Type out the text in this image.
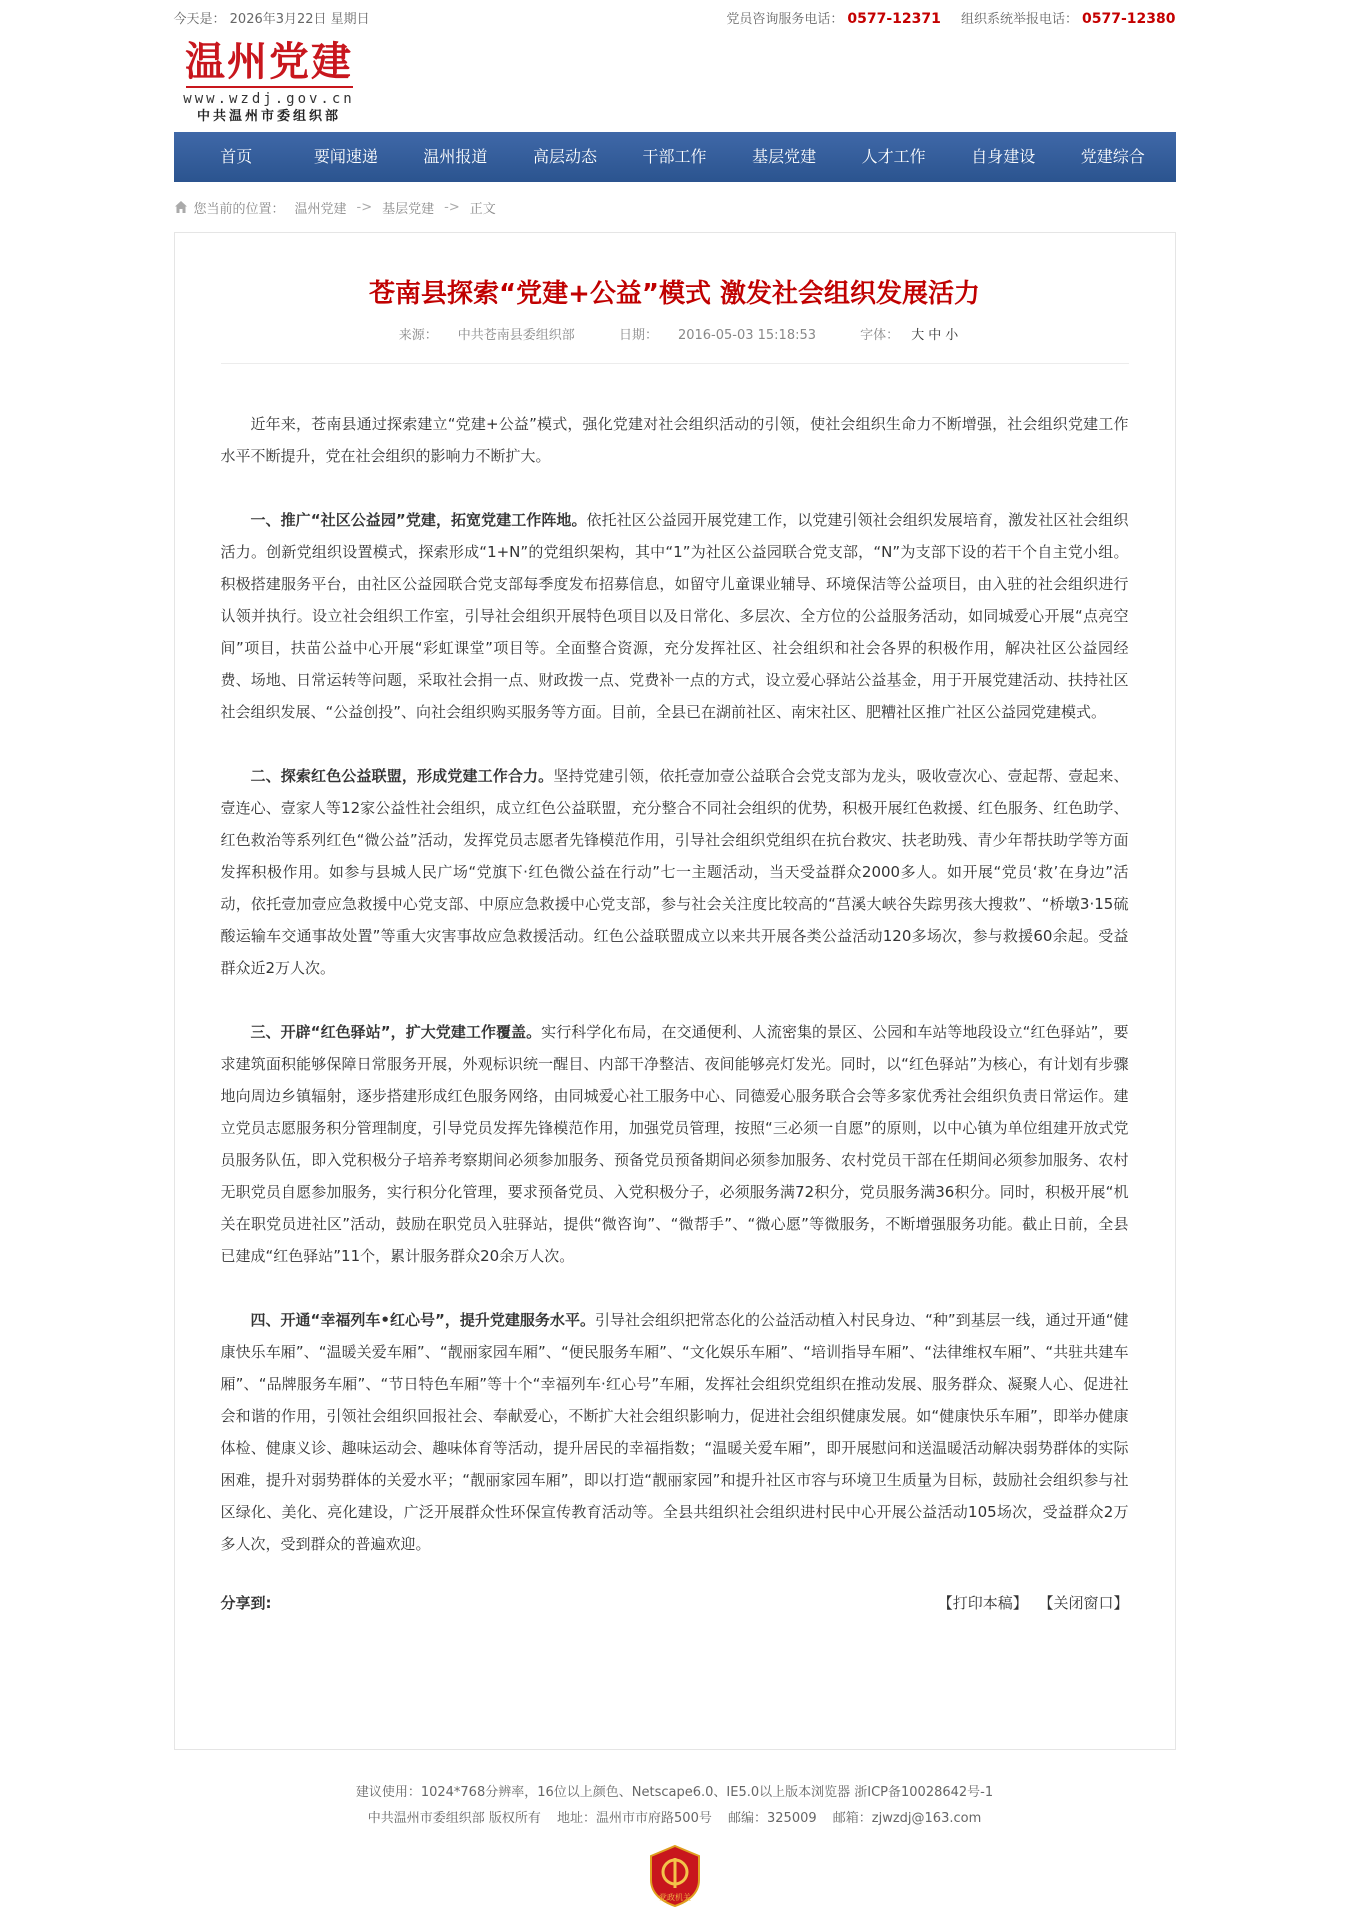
今天是： 2026年3月22日 星期日	党员咨询服务电话： 0577-12371 组织系统举报电话： 0577-12380
温州党建
www.wzdj.gov.cn
中共温州市委组织部
首页	要闻速递	温州报道	高层动态	干部工作	基层党建	人才工作	自身建设	党建综合
您当前的位置： 温州党建 -> 基层党建 -> 正文
苍南县探索“党建+公益”模式 激发社会组织发展活力
来源： 中共苍南县委组织部	日期： 2016-05-03 15:18:53	字体： 大 中 小

近年来，苍南县通过探索建立“党建+公益”模式，强化党建对社会组织活动的引领，使社会组织生命力不断增强，社会组织党建工作水平不断提升，党在社会组织的影响力不断扩大。

一、推广“社区公益园”党建，拓宽党建工作阵地。依托社区公益园开展党建工作，以党建引领社会组织发展培育，激发社区社会组织活力。创新党组织设置模式，探索形成“1+N”的党组织架构，其中“1”为社区公益园联合党支部，“N”为支部下设的若干个自主党小组。积极搭建服务平台，由社区公益园联合党支部每季度发布招募信息，如留守儿童课业辅导、环境保洁等公益项目，由入驻的社会组织进行认领并执行。设立社会组织工作室，引导社会组织开展特色项目以及日常化、多层次、全方位的公益服务活动，如同城爱心开展“点亮空间”项目，扶苗公益中心开展“彩虹课堂”项目等。全面整合资源，充分发挥社区、社会组织和社会各界的积极作用，解决社区公益园经费、场地、日常运转等问题，采取社会捐一点、财政拨一点、党费补一点的方式，设立爱心驿站公益基金，用于开展党建活动、扶持社区社会组织发展、“公益创投”、向社会组织购买服务等方面。目前，全县已在湖前社区、南宋社区、肥糟社区推广社区公益园党建模式。

二、探索红色公益联盟，形成党建工作合力。坚持党建引领，依托壹加壹公益联合会党支部为龙头，吸收壹次心、壹起帮、壹起来、壹连心、壹家人等12家公益性社会组织，成立红色公益联盟，充分整合不同社会组织的优势，积极开展红色救援、红色服务、红色助学、红色救治等系列红色“微公益”活动，发挥党员志愿者先锋模范作用，引导社会组织党组织在抗台救灾、扶老助残、青少年帮扶助学等方面发挥积极作用。如参与县城人民广场“党旗下·红色微公益在行动”七一主题活动，当天受益群众2000多人。如开展“党员‘救’在身边”活动，依托壹加壹应急救援中心党支部、中原应急救援中心党支部，参与社会关注度比较高的“莒溪大峡谷失踪男孩大搜救”、“桥墩3·15硫酸运输车交通事故处置”等重大灾害事故应急救援活动。红色公益联盟成立以来共开展各类公益活动120多场次，参与救援60余起。受益群众近2万人次。

三、开辟“红色驿站”，扩大党建工作覆盖。实行科学化布局，在交通便利、人流密集的景区、公园和车站等地段设立“红色驿站”，要求建筑面积能够保障日常服务开展，外观标识统一醒目、内部干净整洁、夜间能够亮灯发光。同时，以“红色驿站”为核心，有计划有步骤地向周边乡镇辐射，逐步搭建形成红色服务网络，由同城爱心社工服务中心、同德爱心服务联合会等多家优秀社会组织负责日常运作。建立党员志愿服务积分管理制度，引导党员发挥先锋模范作用，加强党员管理，按照“三必须一自愿”的原则，以中心镇为单位组建开放式党员服务队伍，即入党积极分子培养考察期间必须参加服务、预备党员预备期间必须参加服务、农村党员干部在任期间必须参加服务、农村无职党员自愿参加服务，实行积分化管理，要求预备党员、入党积极分子，必须服务满72积分，党员服务满36积分。同时，积极开展“机关在职党员进社区”活动，鼓励在职党员入驻驿站，提供“微咨询”、“微帮手”、“微心愿”等微服务，不断增强服务功能。截止日前，全县已建成“红色驿站”11个，累计服务群众20余万人次。

四、开通“幸福列车•红心号”，提升党建服务水平。引导社会组织把常态化的公益活动植入村民身边、“种”到基层一线，通过开通“健康快乐车厢”、“温暖关爱车厢”、“靓丽家园车厢”、“便民服务车厢”、“文化娱乐车厢”、“培训指导车厢”、“法律维权车厢”、“共驻共建车厢”、“品牌服务车厢”、“节日特色车厢”等十个“幸福列车·红心号”车厢，发挥社会组织党组织在推动发展、服务群众、凝聚人心、促进社会和谐的作用，引领社会组织回报社会、奉献爱心，不断扩大社会组织影响力，促进社会组织健康发展。如“健康快乐车厢”，即举办健康体检、健康义诊、趣味运动会、趣味体育等活动，提升居民的幸福指数；“温暖关爱车厢”，即开展慰问和送温暖活动解决弱势群体的实际困难，提升对弱势群体的关爱水平；“靓丽家园车厢”，即以打造“靓丽家园”和提升社区市容与环境卫生质量为目标，鼓励社会组织参与社区绿化、美化、亮化建设，广泛开展群众性环保宣传教育活动等。全县共组织社会组织进村民中心开展公益活动105场次，受益群众2万多人次，受到群众的普遍欢迎。

分享到:	【打印本稿】 【关闭窗口】
建议使用：1024*768分辨率，16位以上颜色、Netscape6.0、IE5.0以上版本浏览器 浙ICP备10028642号-1
中共温州市委组织部 版权所有 地址：温州市市府路500号 邮编：325009 邮箱：zjwzdj@163.com
党政机关
